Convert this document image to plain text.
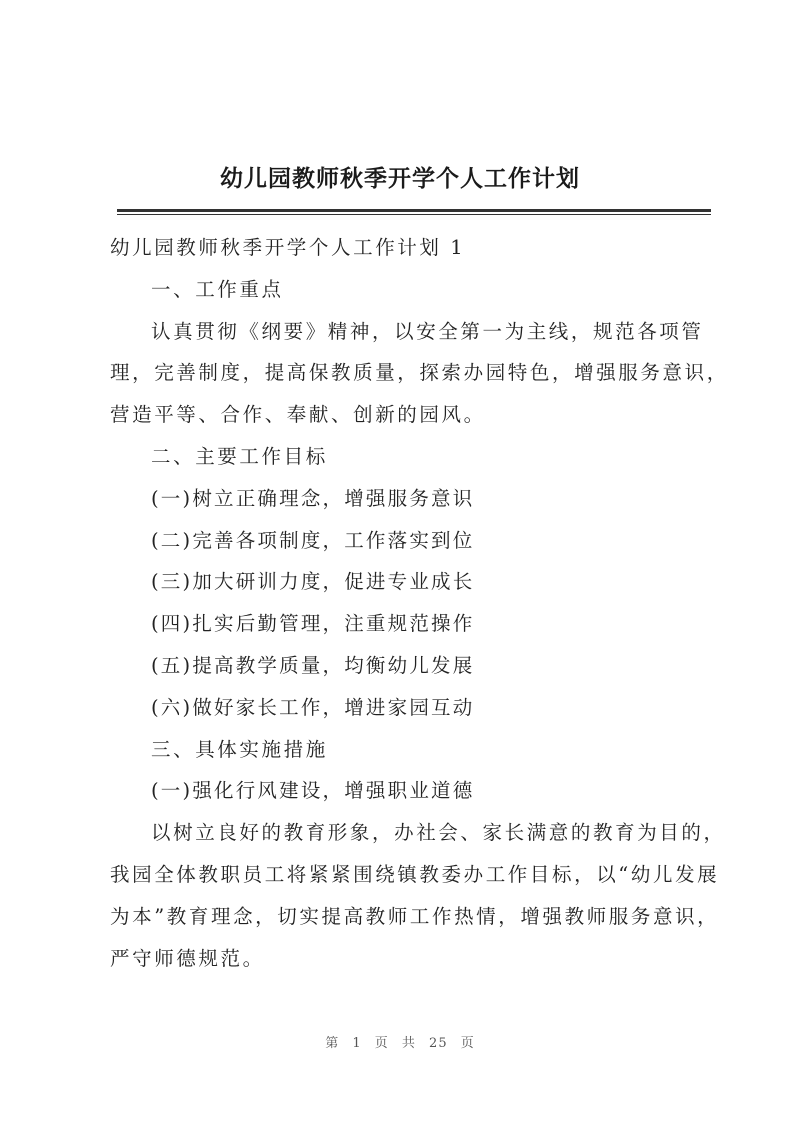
幼儿园教师秋季开学个人工作计划
幼儿园教师秋季开学个人工作计划 1
一、工作重点
认真贯彻《纲要》精神，以安全第一为主线，规范各项管
理，完善制度，提高保教质量，探索办园特色，增强服务意识，
营造平等、合作、奉献、创新的园风。
二、主要工作目标
(一)树立正确理念，增强服务意识
(二)完善各项制度，工作落实到位
(三)加大研训力度，促进专业成长
(四)扎实后勤管理，注重规范操作
(五)提高教学质量，均衡幼儿发展
(六)做好家长工作，增进家园互动
三、具体实施措施
(一)强化行风建设，增强职业道德
以树立良好的教育形象，办社会、家长满意的教育为目的，
我园全体教职员工将紧紧围绕镇教委办工作目标，以“幼儿发展
为本”教育理念，切实提高教师工作热情，增强教师服务意识，
严守师德规范。
第 1 页 共 25 页
